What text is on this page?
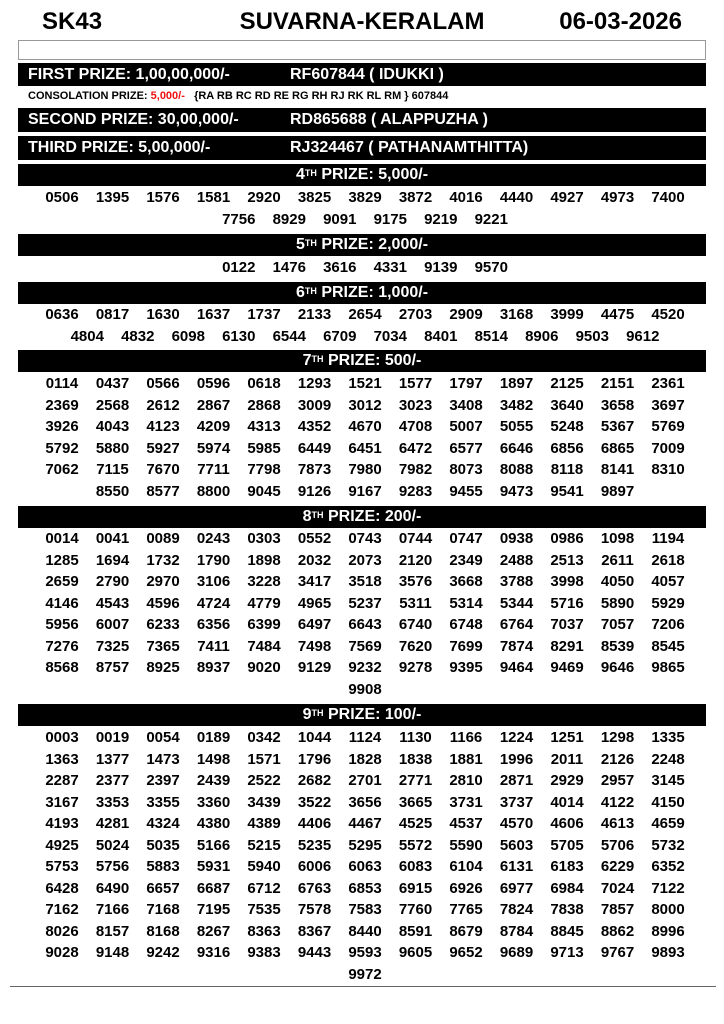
SK43	SUVARNA-KERALAM	06-03-2026
FIRST PRIZE: 1,00,00,000/-	RF607844 ( IDUKKI )
CONSOLATION PRIZE: 5,000/- {RA RB RC RD RE RG RH RJ RK RL RM } 607844
SECOND PRIZE: 30,00,000/-	RD865688 ( ALAPPUZHA )
THIRD PRIZE: 5,00,000/-	RJ324467 ( PATHANAMTHITTA)
4TH PRIZE: 5,000/-
0506	1395	1576	1581	2920	3825	3829	3872	4016	4440	4927	4973	7400
7756	8929	9091	9175	9219	9221
5TH PRIZE: 2,000/-
0122	1476	3616	4331	9139	9570
6TH PRIZE: 1,000/-
0636	0817	1630	1637	1737	2133	2654	2703	2909	3168	3999	4475	4520
4804	4832	6098	6130	6544	6709	7034	8401	8514	8906	9503	9612
7TH PRIZE: 500/-
0114	0437	0566	0596	0618	1293	1521	1577	1797	1897	2125	2151	2361
2369	2568	2612	2867	2868	3009	3012	3023	3408	3482	3640	3658	3697
3926	4043	4123	4209	4313	4352	4670	4708	5007	5055	5248	5367	5769
5792	5880	5927	5974	5985	6449	6451	6472	6577	6646	6856	6865	7009
7062	7115	7670	7711	7798	7873	7980	7982	8073	8088	8118	8141	8310
8550	8577	8800	9045	9126	9167	9283	9455	9473	9541	9897
8TH PRIZE: 200/-
0014	0041	0089	0243	0303	0552	0743	0744	0747	0938	0986	1098	1194
1285	1694	1732	1790	1898	2032	2073	2120	2349	2488	2513	2611	2618
2659	2790	2970	3106	3228	3417	3518	3576	3668	3788	3998	4050	4057
4146	4543	4596	4724	4779	4965	5237	5311	5314	5344	5716	5890	5929
5956	6007	6233	6356	6399	6497	6643	6740	6748	6764	7037	7057	7206
7276	7325	7365	7411	7484	7498	7569	7620	7699	7874	8291	8539	8545
8568	8757	8925	8937	9020	9129	9232	9278	9395	9464	9469	9646	9865
9908
9TH PRIZE: 100/-
0003	0019	0054	0189	0342	1044	1124	1130	1166	1224	1251	1298	1335
1363	1377	1473	1498	1571	1796	1828	1838	1881	1996	2011	2126	2248
2287	2377	2397	2439	2522	2682	2701	2771	2810	2871	2929	2957	3145
3167	3353	3355	3360	3439	3522	3656	3665	3731	3737	4014	4122	4150
4193	4281	4324	4380	4389	4406	4467	4525	4537	4570	4606	4613	4659
4925	5024	5035	5166	5215	5235	5295	5572	5590	5603	5705	5706	5732
5753	5756	5883	5931	5940	6006	6063	6083	6104	6131	6183	6229	6352
6428	6490	6657	6687	6712	6763	6853	6915	6926	6977	6984	7024	7122
7162	7166	7168	7195	7535	7578	7583	7760	7765	7824	7838	7857	8000
8026	8157	8168	8267	8363	8367	8440	8591	8679	8784	8845	8862	8996
9028	9148	9242	9316	9383	9443	9593	9605	9652	9689	9713	9767	9893
9972
